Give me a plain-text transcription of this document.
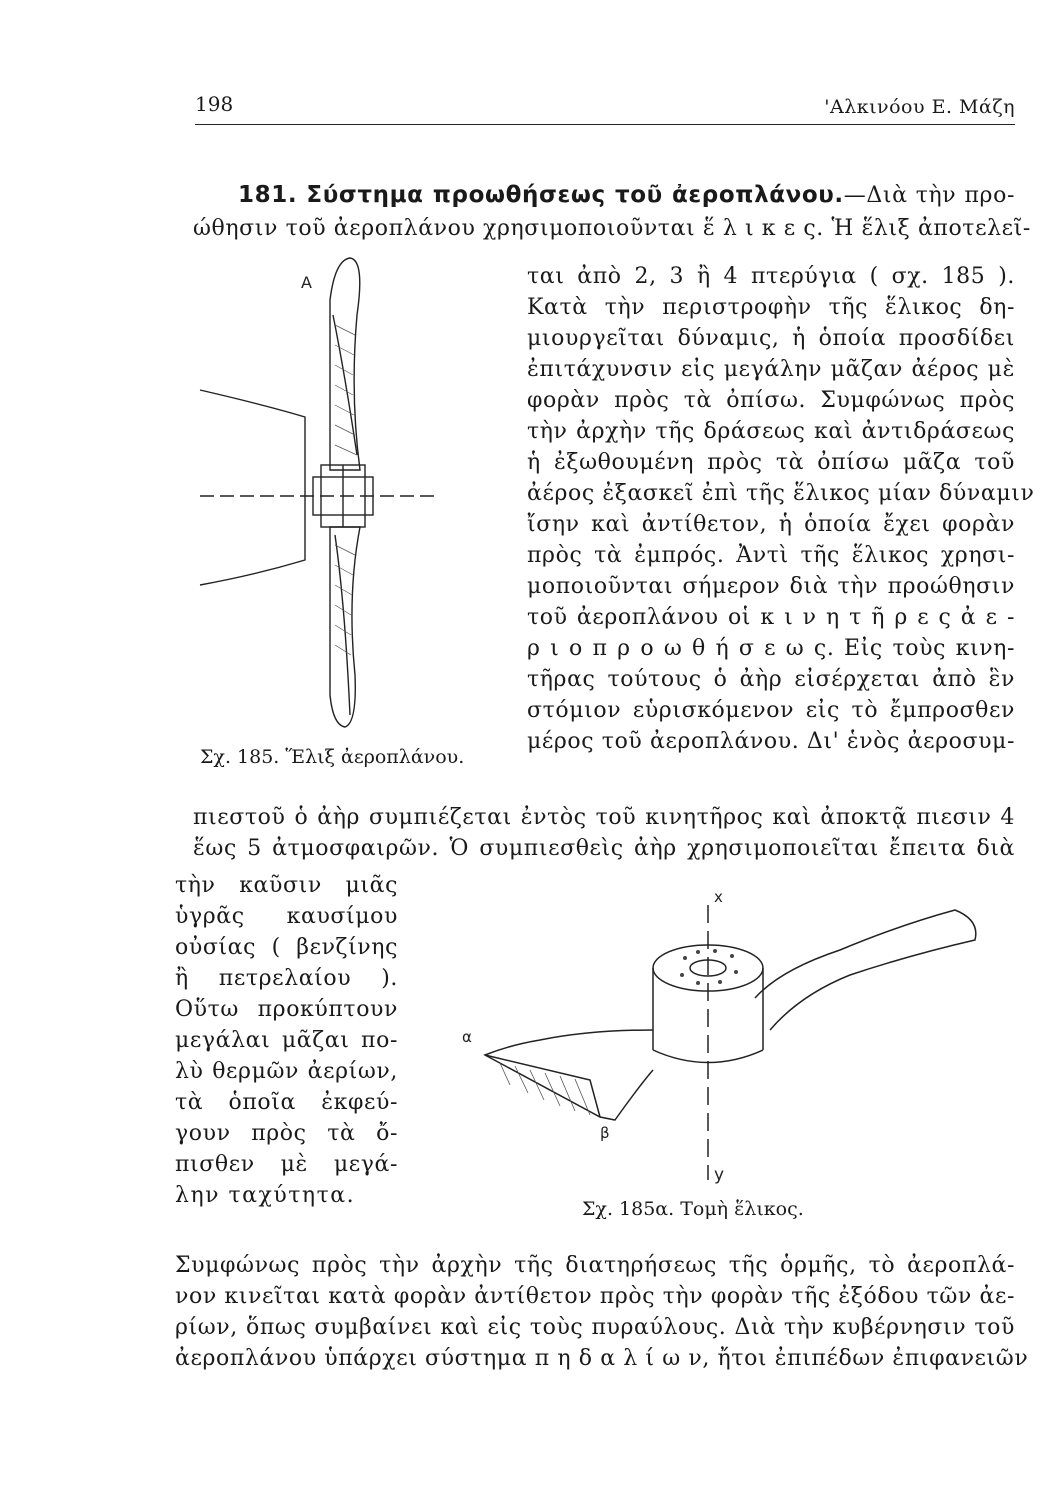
198	'Αλκινόου Ε. Μάζη
181. Σύστημα προωθήσεως τοῦ ἀεροπλάνου.—Διὰ τὴν προ-
ώθησιν τοῦ ἀεροπλάνου χρησιμοποιοῦνται ἕ λ ι κ ε ς. Ἡ ἕλιξ ἀποτελεῖ-
A
Σχ. 185. Ἕλιξ ἀεροπλάνου.
ται ἀπὸ 2, 3 ἢ 4 πτερύγια ( σχ. 185 ).
Κατὰ τὴν περιστροφὴν τῆς ἕλικος δη-
μιουργεῖται δύναμις, ἡ ὁποία προσδίδει
ἐπιτάχυνσιν εἰς μεγάλην μᾶζαν ἀέρος μὲ
φορὰν πρὸς τὰ ὀπίσω. Συμφώνως πρὸς
τὴν ἀρχὴν τῆς δράσεως καὶ ἀντιδράσεως
ἡ ἐξωθουμένη πρὸς τὰ ὀπίσω μᾶζα τοῦ
ἀέρος ἐξασκεῖ ἐπὶ τῆς ἕλικος μίαν δύναμιν
ἴσην καὶ ἀντίθετον, ἡ ὁποία ἔχει φορὰν
πρὸς τὰ ἐμπρός. Ἀντὶ τῆς ἕλικος χρησι-
μοποιοῦνται σήμερον διὰ τὴν προώθησιν
τοῦ ἀεροπλάνου οἱ κ ι ν η τ ῆ ρ ε ς ἀ ε -
ρ ι ο π ρ ο ω θ ή σ ε ω ς. Εἰς τοὺς κινη-
τῆρας τούτους ὁ ἀὴρ εἰσέρχεται ἀπὸ ἓν
στόμιον εὑρισκόμενον εἰς τὸ ἔμπροσθεν
μέρος τοῦ ἀεροπλάνου. Δι' ἑνὸς ἀεροσυμ-
πιεστοῦ ὁ ἀὴρ συμπιέζεται ἐντὸς τοῦ κινητῆρος καὶ ἀποκτᾷ πιεσιν 4
ἕως 5 ἀτμοσφαιρῶν. Ὁ συμπιεσθεὶς ἀὴρ χρησιμοποιεῖται ἔπειτα διὰ
τὴν καῦσιν μιᾶς
ὑγρᾶς καυσίμου
οὐσίας ( βενζίνης
ἢ πετρελαίου ).
Οὕτω προκύπτουν
μεγάλαι μᾶζαι πο-
λὺ θερμῶν ἀερίων,
τὰ ὁποῖα ἐκφεύ-
γουν πρὸς τὰ ὄ-
πισθεν μὲ μεγά-
λην ταχύτητα.
x
y
α
β
Σχ. 185α. Τομὴ ἕλικος.
Συμφώνως πρὸς τὴν ἀρχὴν τῆς διατηρήσεως τῆς ὁρμῆς, τὸ ἀεροπλά-
νον κινεῖται κατὰ φορὰν ἀντίθετον πρὸς τὴν φορὰν τῆς ἐξόδου τῶν ἀε-
ρίων, ὅπως συμβαίνει καὶ εἰς τοὺς πυραύλους. Διὰ τὴν κυβέρνησιν τοῦ
ἀεροπλάνου ὑπάρχει σύστημα π η δ α λ ί ω ν, ἤτοι ἐπιπέδων ἐπιφανειῶν
